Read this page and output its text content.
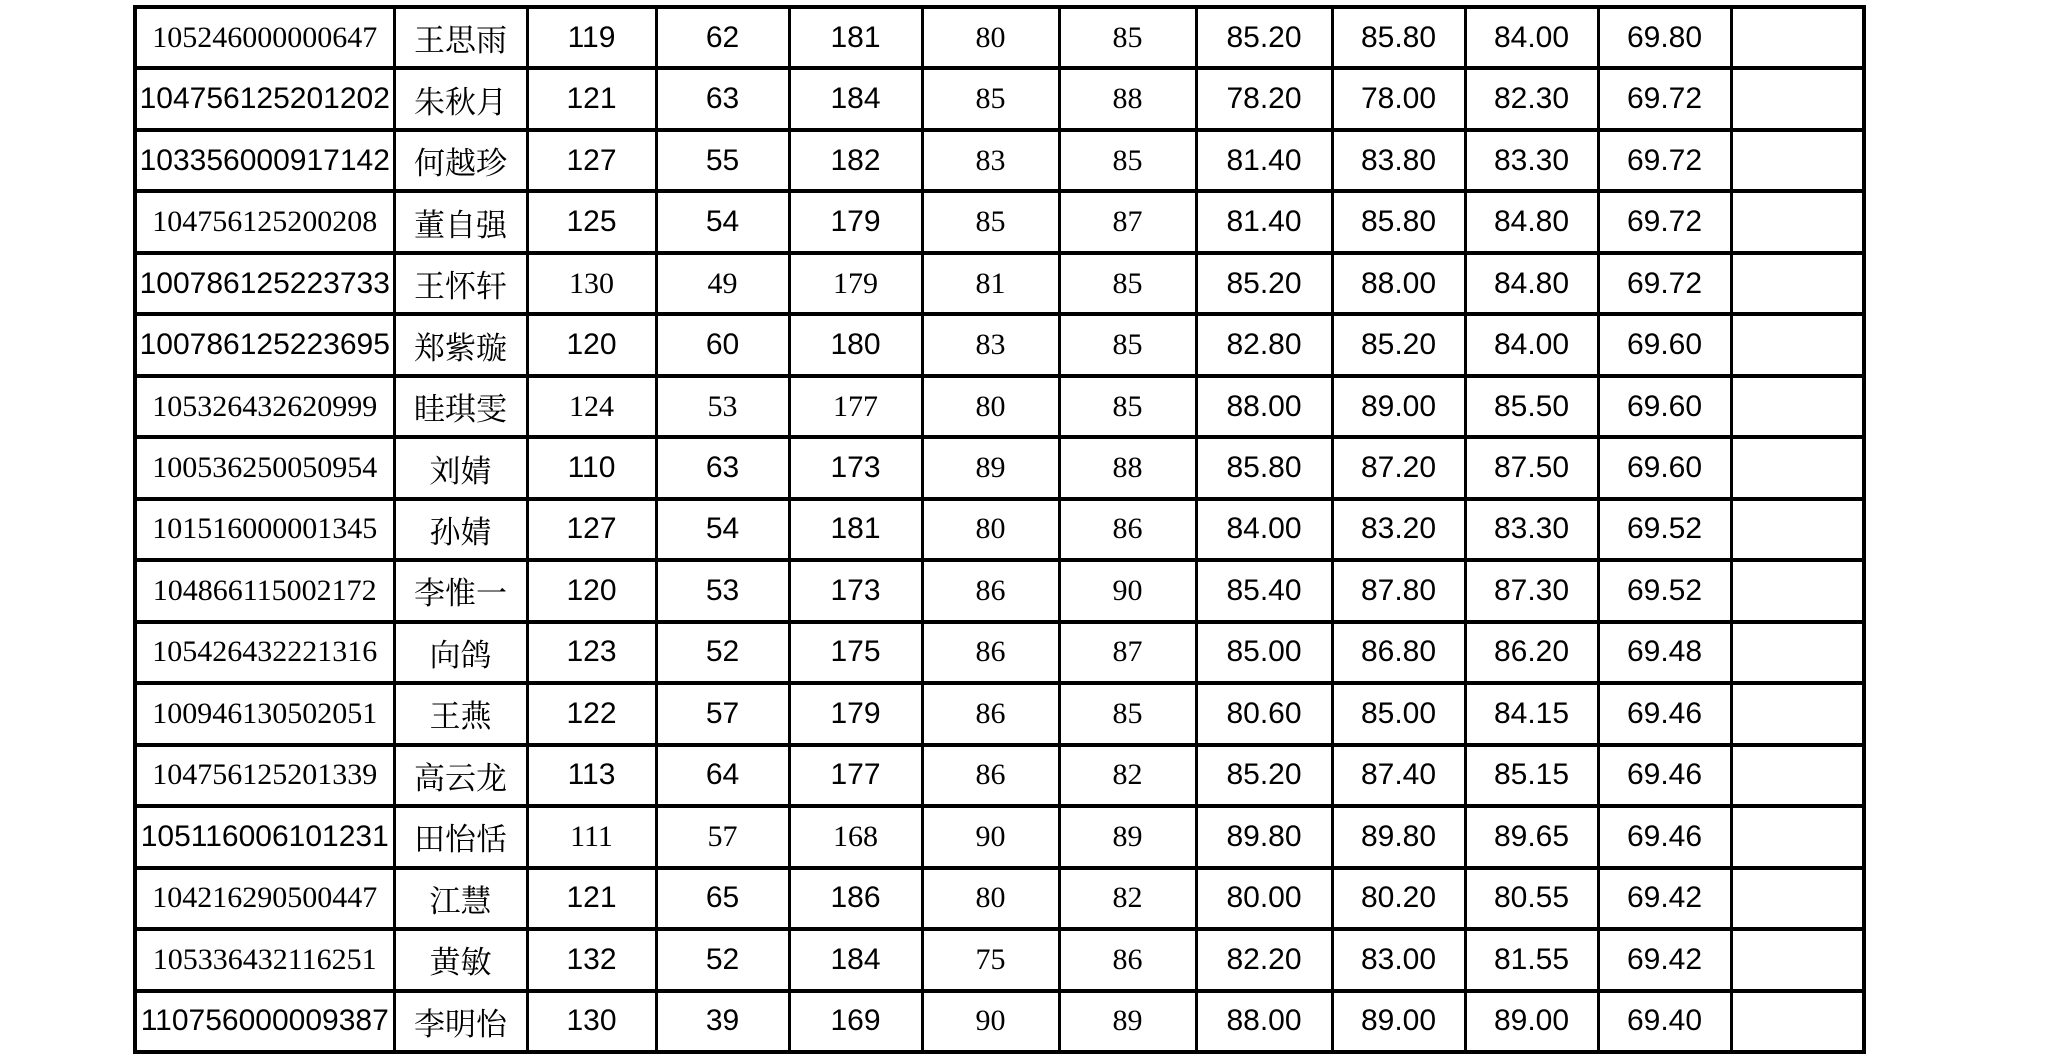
105246000000647	王思雨	119	62	181	80	85	85.20	85.80	84.00	69.80	
104756125201202	朱秋月	121	63	184	85	88	78.20	78.00	82.30	69.72	
103356000917142	何越珍	127	55	182	83	85	81.40	83.80	83.30	69.72	
104756125200208	董自强	125	54	179	85	87	81.40	85.80	84.80	69.72	
100786125223733	王怀轩	130	49	179	81	85	85.20	88.00	84.80	69.72	
100786125223695	郑紫璇	120	60	180	83	85	82.80	85.20	84.00	69.60	
105326432620999	眭琪雯	124	53	177	80	85	88.00	89.00	85.50	69.60	
100536250050954	刘婧	110	63	173	89	88	85.80	87.20	87.50	69.60	
101516000001345	孙婧	127	54	181	80	86	84.00	83.20	83.30	69.52	
104866115002172	李惟一	120	53	173	86	90	85.40	87.80	87.30	69.52	
105426432221316	向鸽	123	52	175	86	87	85.00	86.80	86.20	69.48	
100946130502051	王燕	122	57	179	86	85	80.60	85.00	84.15	69.46	
104756125201339	高云龙	113	64	177	86	82	85.20	87.40	85.15	69.46	
105116006101231	田怡恬	111	57	168	90	89	89.80	89.80	89.65	69.46	
104216290500447	江慧	121	65	186	80	82	80.00	80.20	80.55	69.42	
105336432116251	黄敏	132	52	184	75	86	82.20	83.00	81.55	69.42	
110756000009387	李明怡	130	39	169	90	89	88.00	89.00	89.00	69.40	
